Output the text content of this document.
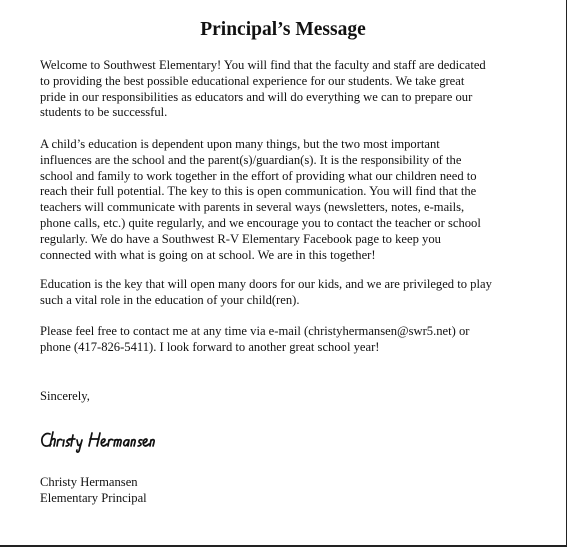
Principal’s Message

Welcome to Southwest Elementary! You will find that the faculty and staff are dedicated
to providing the best possible educational experience for our students. We take great
pride in our responsibilities as educators and will do everything we can to prepare our
students to be successful.

A child’s education is dependent upon many things, but the two most important
influences are the school and the parent(s)/guardian(s). It is the responsibility of the
school and family to work together in the effort of providing what our children need to
reach their full potential. The key to this is open communication. You will find that the
teachers will communicate with parents in several ways (newsletters, notes, e-mails,
phone calls, etc.) quite regularly, and we encourage you to contact the teacher or school
regularly. We do have a Southwest R-V Elementary Facebook page to keep you
connected with what is going on at school. We are in this together!

Education is the key that will open many doors for our kids, and we are privileged to play
such a vital role in the education of your child(ren).

Please feel free to contact me at any time via e-mail (christyhermansen@swr5.net) or
phone (417-826-5411). I look forward to another great school year!

Sincerely,

Christy Hermansen
Elementary Principal
